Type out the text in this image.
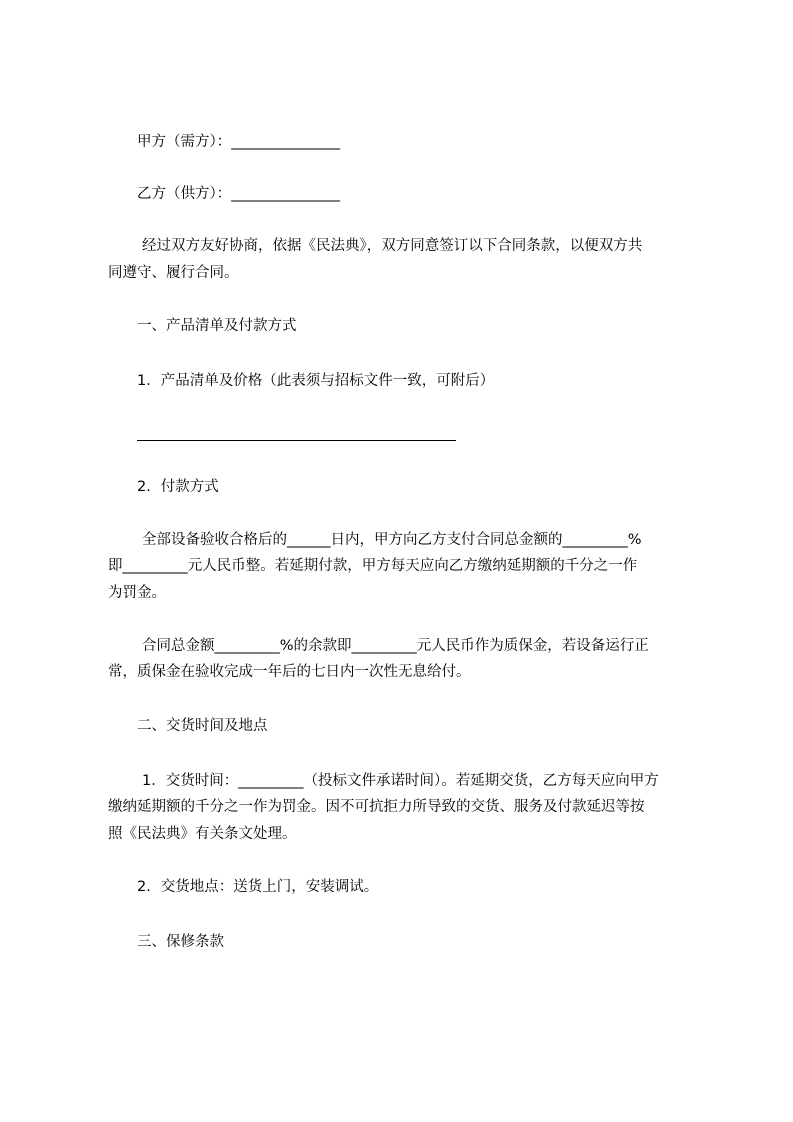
甲方（需方）：_______________
乙方（供方）：_______________
经过双方友好协商，依据《民法典》，双方同意签订以下合同条款，以便双方共
同遵守、履行合同。
一、产品清单及付款方式
1．产品清单及价格（此表须与招标文件一致，可附后）
2．付款方式
全部设备验收合格后的______日内，甲方向乙方支付合同总金额的_________%
即_________元人民币整。若延期付款，甲方每天应向乙方缴纳延期额的千分之一作
为罚金。
合同总金额_________%的余款即_________元人民币作为质保金，若设备运行正
常，质保金在验收完成一年后的七日内一次性无息给付。
二、交货时间及地点
1．交货时间：_________（投标文件承诺时间）。若延期交货，乙方每天应向甲方
缴纳延期额的千分之一作为罚金。因不可抗拒力所导致的交货、服务及付款延迟等按
照《民法典》有关条文处理。
2．交货地点：送货上门，安装调试。
三、保修条款
